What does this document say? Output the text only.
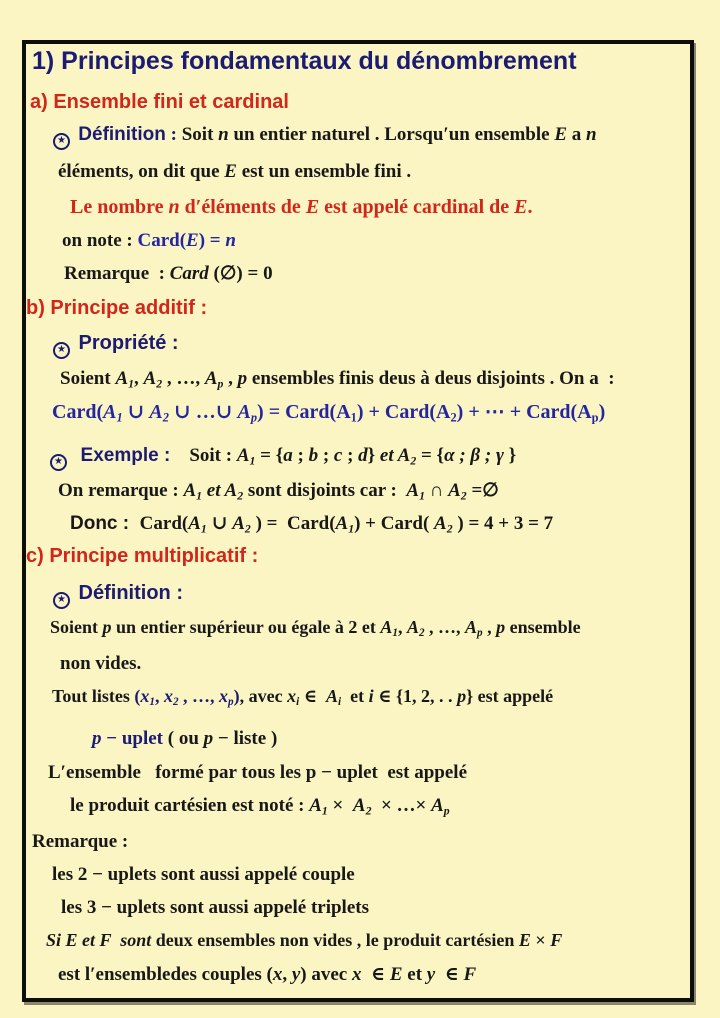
1) Principes fondamentaux du dénombrement
a) Ensemble fini et cardinal
★ Définition : Soit n un entier naturel . Lorsqu′un ensemble E a n
éléments, on dit que E est un ensemble fini .
Le nombre n d′éléments de E est appelé cardinal de E.
on note : Card(E) = n
Remarque  : Card (∅) = 0
b) Principe additif :
★ Propriété :
Soient A1, A2 , …, Ap , p ensembles finis deus à deus disjoints . On a  :
Card(A1 ∪ A2 ∪ …∪ Ap) = Card(A1) + Card(A2) + ⋯ + Card(Ap)
★ Exemple :    Soit : A1 = {a ; b ; c ; d} et A2 = {α ; β ; γ }
On remarque : A1 et A2 sont disjoints car :  A1 ∩ A2 =∅
Donc :  Card(A1 ∪ A2 ) =  Card(A1) + Card( A2 ) = 4 + 3 = 7
c) Principe multiplicatif :
★ Définition :
Soient p un entier supérieur ou égale à 2 et A1, A2 , …, Ap , p ensemble
non vides.
Tout listes (x1, x2 , …, xp), avec xi ∈  Ai  et i ∈ {1, 2, . . p} est appelé
p − uplet ( ou p − liste )
L′ensemble   formé par tous les p − uplet  est appelé
le produit cartésien est noté : A1 ×  A2  × …× Ap
Remarque :
les 2 − uplets sont aussi appelé couple
les 3 − uplets sont aussi appelé triplets
Si E et F  sont deux ensembles non vides , le produit cartésien E × F
est l′ensembledes couples (x, y) avec x  ∈ E et y  ∈ F
